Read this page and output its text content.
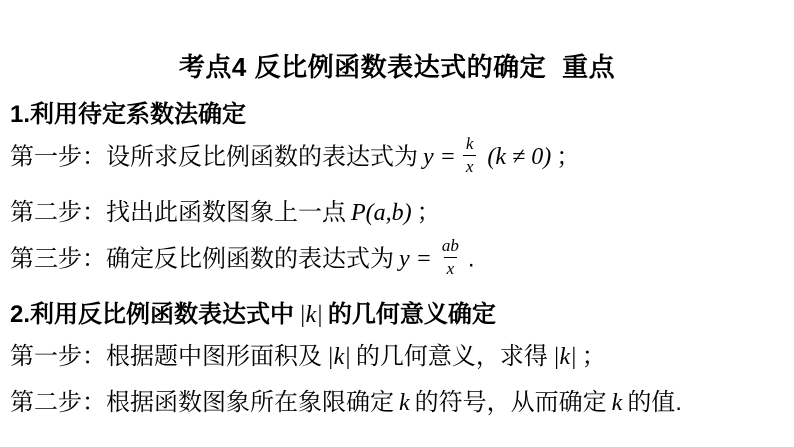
考点4 反比例函数表达式的确定 重点
1.利用待定系数法确定
第一步：设所求反比例函数的表达式为 $y = \frac{k}{x} (k \ne 0)$ ；
第二步：找出此函数图象上一点 P(a,b) ；
第三步：确定反比例函数的表达式为 $y = \frac{ab}{x}$ .
2.利用反比例函数表达式中 |k| 的几何意义确定
第一步：根据题中图形面积及 |k| 的几何意义，求得 |k| ；
第二步：根据函数图象所在象限确定 k 的符号，从而确定 k 的值.
